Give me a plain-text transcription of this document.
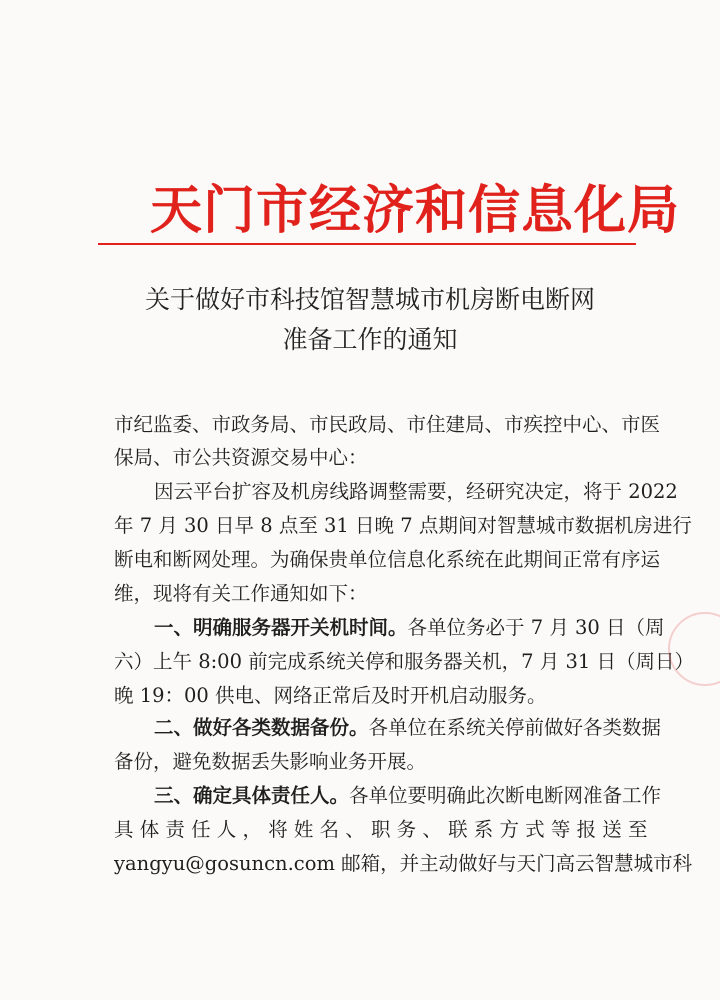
天门市经济和信息化局
关于做好市科技馆智慧城市机房断电断网
准备工作的通知
市纪监委、市政务局、市民政局、市住建局、市疾控中心、市医
保局、市公共资源交易中心：
因云平台扩容及机房线路调整需要，经研究决定，将于 2022
年 7 月 30 日早 8 点至 31 日晚 7 点期间对智慧城市数据机房进行
断电和断网处理。为确保贵单位信息化系统在此期间正常有序运
维，现将有关工作通知如下：
一、明确服务器开关机时间。各单位务必于 7 月 30 日（周
六）上午 8:00 前完成系统关停和服务器关机，7 月 31 日（周日）
晚 19：00 供电、网络正常后及时开机启动服务。
二、做好各类数据备份。各单位在系统关停前做好各类数据
备份，避免数据丢失影响业务开展。
三、确定具体责任人。各单位要明确此次断电断网准备工作
具 体 责 任 人 ， 将 姓 名 、 职 务 、 联 系 方 式 等 报 送 至
yangyu@gosuncn.com 邮箱，并主动做好与天门高云智慧城市科
